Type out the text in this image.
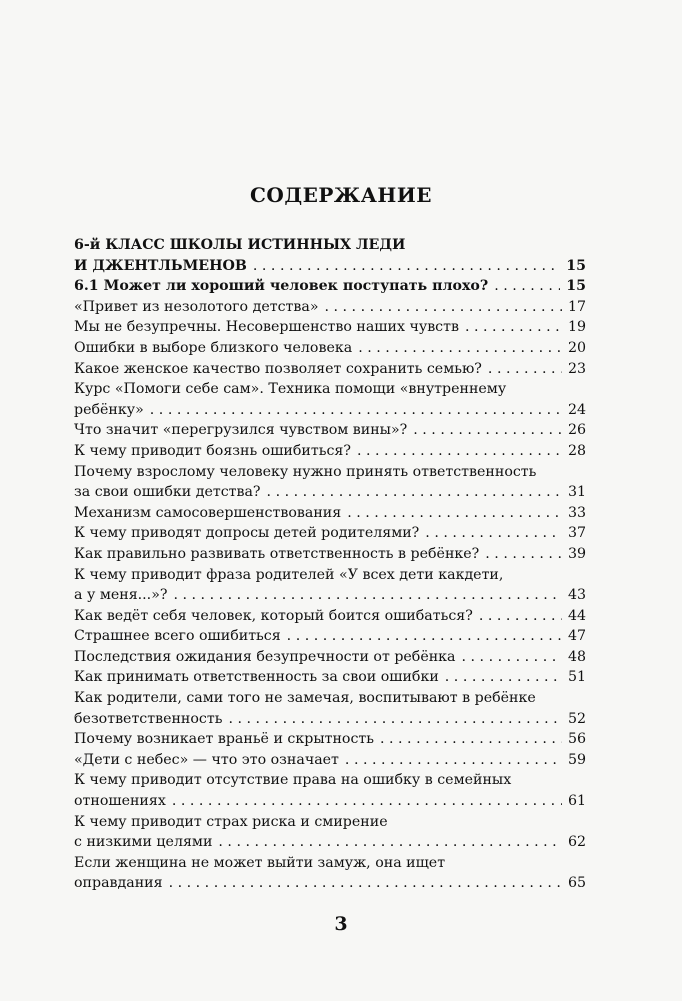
СОДЕРЖАНИЕ
6-й КЛАСС ШКОЛЫ ИСТИННЫХ ЛЕДИ
И ДЖЕНТЛЬМЕНОВ . . .	15
6.1 Может ли хороший человек поступать плохо? . . .	15
«Привет из незолотого детства» . . .	17
Мы не безупречны. Несовершенство наших чувств . . .	19
Ошибки в выборе близкого человека . . .	20
Какое женское качество позволяет сохранить семью? . . .	23
Курс «Помоги себе сам». Техника помощи «внутреннему
ребёнку» . . .	24
Что значит «перегрузился чувством вины»? . . .	26
К чему приводит боязнь ошибиться? . . .	28
Почему взрослому человеку нужно принять ответственность
за свои ошибки детства? . . .	31
Механизм самосовершенствования . . .	33
К чему приводят допросы детей родителями? . . .	37
Как правильно развивать ответственность в ребёнке? . . .	39
К чему приводит фраза родителей «У всех дети какдети,
а у меня...»? . . .	43
Как ведёт себя человек, который боится ошибаться? . . .	44
Страшнее всего ошибиться . . .	47
Последствия ожидания безупречности от ребёнка . . .	48
Как принимать ответственность за свои ошибки . . .	51
Как родители, сами того не замечая, воспитывают в ребёнке
безответственность . . .	52
Почему возникает враньё и скрытность . . .	56
«Дети с небес» — что это означает . . .	59
К чему приводит отсутствие права на ошибку в семейных
отношениях . . .	61
К чему приводит страх риска и смирение
с низкими целями . . .	62
Если женщина не может выйти замуж, она ищет
оправдания . . .	65
3
